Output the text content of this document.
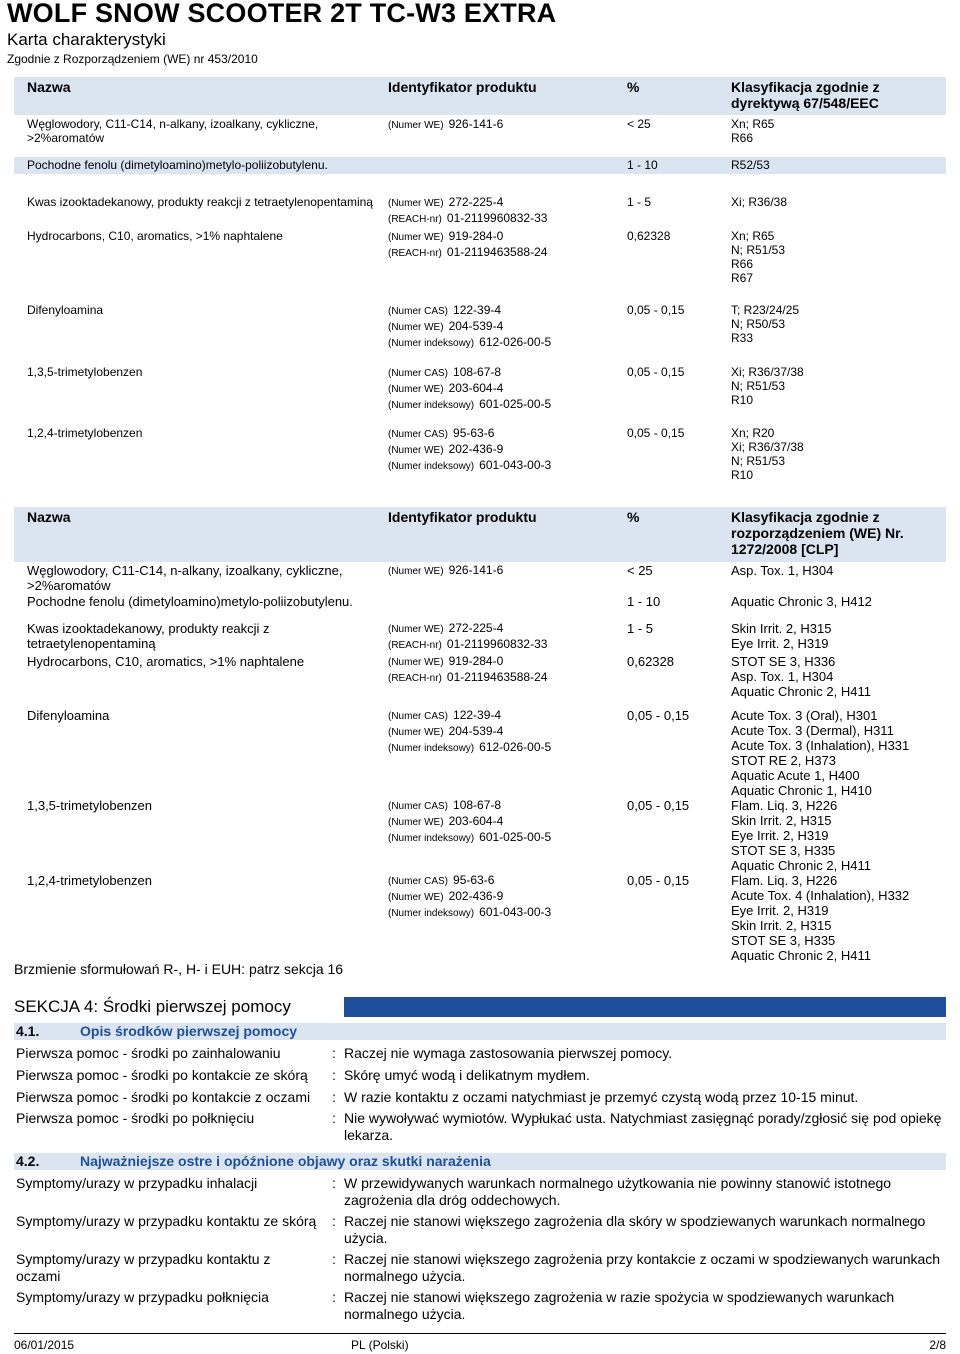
WOLF SNOW SCOOTER 2T TC-W3 EXTRA
Karta charakterystyki
Zgodnie z Rozporządzeniem (WE) nr 453/2010
Nazwa	Identyfikator produktu	%	Klasyfikacja zgodnie z dyrektywą 67/548/EEC
Węglowodory, C11-C14, n-alkany, izoalkany, cykliczne, >2%aromatów
(Numer WE) 926-141-6	< 25	Xn; R65
R66
Pochodne fenolu (dimetyloamino)metylo-poliizobutylenu.	1 - 10	R52/53
Kwas izooktadekanowy, produkty reakcji z tetraetylenopentaminą	(Numer WE) 272-225-4
(REACH-nr) 01-2119960832-33
1 - 5	Xi; R36/38
Hydrocarbons, C10, aromatics, >1% naphtalene	(Numer WE) 919-284-0
(REACH-nr) 01-2119463588-24
0,62328	Xn; R65
N; R51/53
R66
R67
Difenyloamina	(Numer CAS) 122-39-4
(Numer WE) 204-539-4
(Numer indeksowy) 612-026-00-5
0,05 - 0,15	T; R23/24/25
N; R50/53
R33
1,3,5-trimetylobenzen	(Numer CAS) 108-67-8
(Numer WE) 203-604-4
(Numer indeksowy) 601-025-00-5
0,05 - 0,15	Xi; R36/37/38
N; R51/53
R10
1,2,4-trimetylobenzen	(Numer CAS) 95-63-6
(Numer WE) 202-436-9
(Numer indeksowy) 601-043-00-3
0,05 - 0,15	Xn; R20
Xi; R36/37/38
N; R51/53
R10
Nazwa	Identyfikator produktu	%	Klasyfikacja zgodnie z rozporządzeniem (WE) Nr. 1272/2008 [CLP]
Węglowodory, C11-C14, n-alkany, izoalkany, cykliczne, >2%aromatów
(Numer WE) 926-141-6	< 25	Asp. Tox. 1, H304
Pochodne fenolu (dimetyloamino)metylo-poliizobutylenu.	1 - 10	Aquatic Chronic 3, H412
Kwas izooktadekanowy, produkty reakcji z tetraetylenopentaminą
(Numer WE) 272-225-4
(REACH-nr) 01-2119960832-33
1 - 5	Skin Irrit. 2, H315
Eye Irrit. 2, H319
Hydrocarbons, C10, aromatics, >1% naphtalene	(Numer WE) 919-284-0
(REACH-nr) 01-2119463588-24
0,62328	STOT SE 3, H336
Asp. Tox. 1, H304
Aquatic Chronic 2, H411
Difenyloamina	(Numer CAS) 122-39-4
(Numer WE) 204-539-4
(Numer indeksowy) 612-026-00-5
0,05 - 0,15	Acute Tox. 3 (Oral), H301
Acute Tox. 3 (Dermal), H311
Acute Tox. 3 (Inhalation), H331
STOT RE 2, H373
Aquatic Acute 1, H400
Aquatic Chronic 1, H410
1,3,5-trimetylobenzen	(Numer CAS) 108-67-8
(Numer WE) 203-604-4
(Numer indeksowy) 601-025-00-5
0,05 - 0,15	Flam. Liq. 3, H226
Skin Irrit. 2, H315
Eye Irrit. 2, H319
STOT SE 3, H335
Aquatic Chronic 2, H411
1,2,4-trimetylobenzen	(Numer CAS) 95-63-6
(Numer WE) 202-436-9
(Numer indeksowy) 601-043-00-3
0,05 - 0,15	Flam. Liq. 3, H226
Acute Tox. 4 (Inhalation), H332
Eye Irrit. 2, H319
Skin Irrit. 2, H315
STOT SE 3, H335
Aquatic Chronic 2, H411
Brzmienie sformułowań R-, H- i EUH: patrz sekcja 16
SEKCJA 4: Środki pierwszej pomocy
4.1.	Opis środków pierwszej pomocy
Pierwsza pomoc - środki po zainhalowaniu	: Raczej nie wymaga zastosowania pierwszej pomocy.
Pierwsza pomoc - środki po kontakcie ze skórą	: Skórę umyć wodą i delikatnym mydłem.
Pierwsza pomoc - środki po kontakcie z oczami	: W razie kontaktu z oczami natychmiast je przemyć czystą wodą przez 10-15 minut.
Pierwsza pomoc - środki po połknięciu	: Nie wywoływać wymiotów. Wypłukać usta. Natychmiast zasięgnąć porady/zgłosić się pod opiekę lekarza.
4.2.	Najważniejsze ostre i opóźnione objawy oraz skutki narażenia
Symptomy/urazy w przypadku inhalacji	: W przewidywanych warunkach normalnego użytkowania nie powinny stanowić istotnego zagrożenia dla dróg oddechowych.
Symptomy/urazy w przypadku kontaktu ze skórą	: Raczej nie stanowi większego zagrożenia dla skóry w spodziewanych warunkach normalnego użycia.
Symptomy/urazy w przypadku kontaktu z oczami
: Raczej nie stanowi większego zagrożenia przy kontakcie z oczami w spodziewanych warunkach normalnego użycia.
Symptomy/urazy w przypadku połknięcia	: Raczej nie stanowi większego zagrożenia w razie spożycia w spodziewanych warunkach normalnego użycia.
06/01/2015	PL (Polski)	2/8
